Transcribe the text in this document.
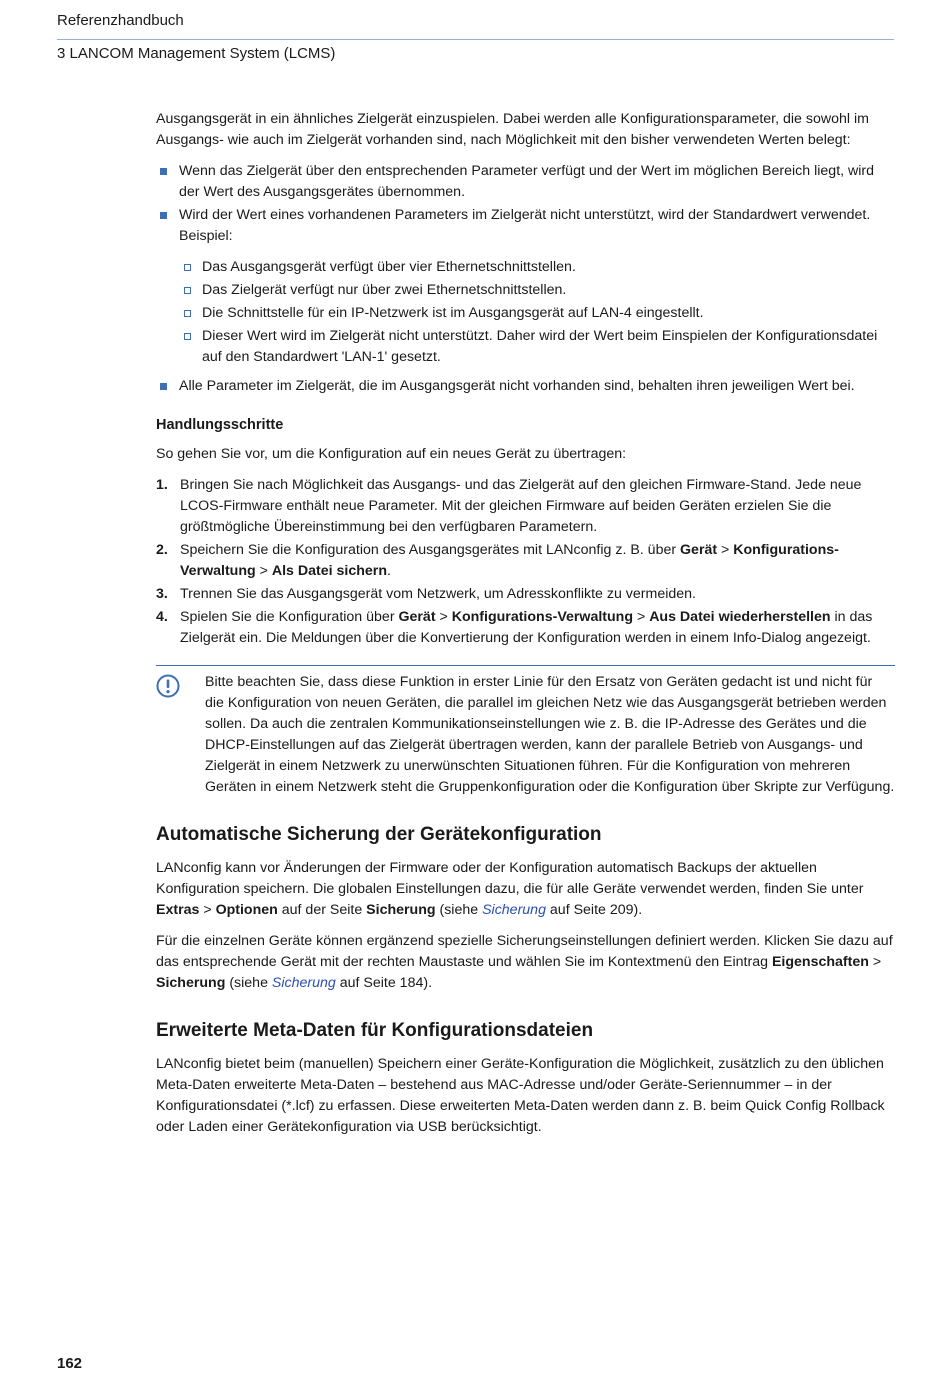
Referenzhandbuch
3 LANCOM Management System (LCMS)

Ausgangsgerät in ein ähnliches Zielgerät einzuspielen. Dabei werden alle Konfigurationsparameter, die sowohl im Ausgangs- wie auch im Zielgerät vorhanden sind, nach Möglichkeit mit den bisher verwendeten Werten belegt:

Wenn das Zielgerät über den entsprechenden Parameter verfügt und der Wert im möglichen Bereich liegt, wird der Wert des Ausgangsgerätes übernommen.
Wird der Wert eines vorhandenen Parameters im Zielgerät nicht unterstützt, wird der Standardwert verwendet. Beispiel:
Das Ausgangsgerät verfügt über vier Ethernetschnittstellen.
Das Zielgerät verfügt nur über zwei Ethernetschnittstellen.
Die Schnittstelle für ein IP-Netzwerk ist im Ausgangsgerät auf LAN-4 eingestellt.
Dieser Wert wird im Zielgerät nicht unterstützt. Daher wird der Wert beim Einspielen der Konfigurationsdatei auf den Standardwert 'LAN-1' gesetzt.
Alle Parameter im Zielgerät, die im Ausgangsgerät nicht vorhanden sind, behalten ihren jeweiligen Wert bei.
Handlungsschritte

So gehen Sie vor, um die Konfiguration auf ein neues Gerät zu übertragen:

1. Bringen Sie nach Möglichkeit das Ausgangs- und das Zielgerät auf den gleichen Firmware-Stand. Jede neue LCOS-Firmware enthält neue Parameter. Mit der gleichen Firmware auf beiden Geräten erzielen Sie die größtmögliche Übereinstimmung bei den verfügbaren Parametern.
2. Speichern Sie die Konfiguration des Ausgangsgerätes mit LANconfig z. B. über Gerät > Konfigurations-Verwaltung > Als Datei sichern.
3. Trennen Sie das Ausgangsgerät vom Netzwerk, um Adresskonflikte zu vermeiden.
4. Spielen Sie die Konfiguration über Gerät > Konfigurations-Verwaltung > Aus Datei wiederherstellen in das Zielgerät ein. Die Meldungen über die Konvertierung der Konfiguration werden in einem Info-Dialog angezeigt.
Bitte beachten Sie, dass diese Funktion in erster Linie für den Ersatz von Geräten gedacht ist und nicht für die Konfiguration von neuen Geräten, die parallel im gleichen Netz wie das Ausgangsgerät betrieben werden sollen. Da auch die zentralen Kommunikationseinstellungen wie z. B. die IP-Adresse des Gerätes und die DHCP-Einstellungen auf das Zielgerät übertragen werden, kann der parallele Betrieb von Ausgangs- und Zielgerät in einem Netzwerk zu unerwünschten Situationen führen. Für die Konfiguration von mehreren Geräten in einem Netzwerk steht die Gruppenkonfiguration oder die Konfiguration über Skripte zur Verfügung.
Automatische Sicherung der Gerätekonfiguration

LANconfig kann vor Änderungen der Firmware oder der Konfiguration automatisch Backups der aktuellen Konfiguration speichern. Die globalen Einstellungen dazu, die für alle Geräte verwendet werden, finden Sie unter Extras > Optionen auf der Seite Sicherung (siehe Sicherung auf Seite 209).

Für die einzelnen Geräte können ergänzend spezielle Sicherungseinstellungen definiert werden. Klicken Sie dazu auf das entsprechende Gerät mit der rechten Maustaste und wählen Sie im Kontextmenü den Eintrag Eigenschaften > Sicherung (siehe Sicherung auf Seite 184).

Erweiterte Meta-Daten für Konfigurationsdateien

LANconfig bietet beim (manuellen) Speichern einer Geräte-Konfiguration die Möglichkeit, zusätzlich zu den üblichen Meta-Daten erweiterte Meta-Daten – bestehend aus MAC-Adresse und/oder Geräte-Seriennummer – in der Konfigurationsdatei (*.lcf) zu erfassen. Diese erweiterten Meta-Daten werden dann z. B. beim Quick Config Rollback oder Laden einer Gerätekonfiguration via USB berücksichtigt.

162
